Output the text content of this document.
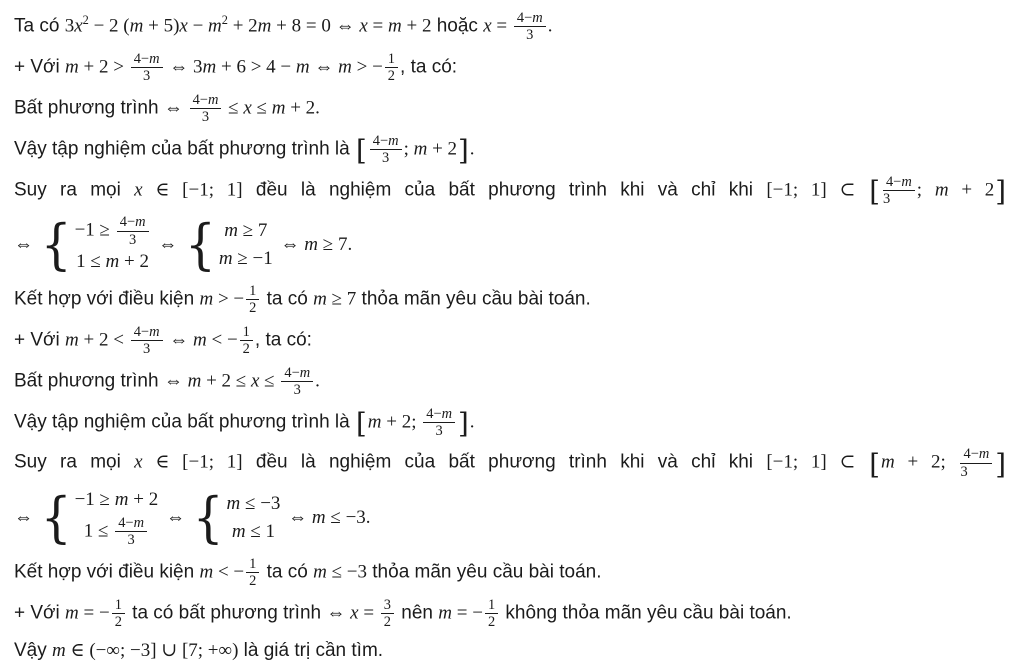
Ta có $3x^2 - 2$ $(m + 5)x - m^2 + 2m + 8 = 0$ ⇔ x = m + 2 hoặc $x = \frac{4-m}{3}$ .
+ Với $m + 2 > \frac{4-m}{3}$ ⇔ 3m + 6 > 4 − m ⇔ m > − $\frac{1}{2}$ , ta có:
Bất phương trình ⇔ $\frac{4-m}{3} \le x \le m + 2$.
Vậy tập nghiệm của bất phương trình là [ $\frac{4-m}{3}$ ; m + 2].
Suy ra mọi x ∈ [−1; 1] đều là nghiệm của bất phương trình khi và chỉ khi [−1; 1] ⊂ [ $\frac{4-m}{3}$ ; m + 2]
⇔ { $-1 \ge \frac{4-m}{3}$
1 ≤ m + 2
⇔ { m ≥ 7
m ≥ −1
⇔ m ≥ 7.
Kết hợp với điều kiện m > − $\frac{1}{2}$ ta có m ≥ 7 thỏa mãn yêu cầu bài toán.
+ Với $m + 2 < \frac{4-m}{3}$ ⇔ m < − $\frac{1}{2}$ , ta có:
Bất phương trình ⇔ $m + 2 \le x \le \frac{4-m}{3}$ .
Vậy tập nghiệm của bất phương trình là [m + 2; $\frac{4-m}{3}$ ].
Suy ra mọi x ∈ [−1; 1] đều là nghiệm của bất phương trình khi và chỉ khi [−1; 1] ⊂ [m + 2; $\frac{4-m}{3}$ ]
⇔ { −1 ≥ m + 2
$1 \le \frac{4-m}{3}$ ⇔ { m ≤ −3
m ≤ 1
⇔ m ≤ −3.
Kết hợp với điều kiện m < − $\frac{1}{2}$ ta có m ≤ −3 thỏa mãn yêu cầu bài toán.
+ Với m = − $\frac{1}{2}$ ta có bất phương trình ⇔ $x = \frac{3}{2}$ nên m = − $\frac{1}{2}$ không thỏa mãn yêu cầu bài toán.
Vậy m ∈ (−∞; −3] ∪ [7; +∞) là giá trị cần tìm.
